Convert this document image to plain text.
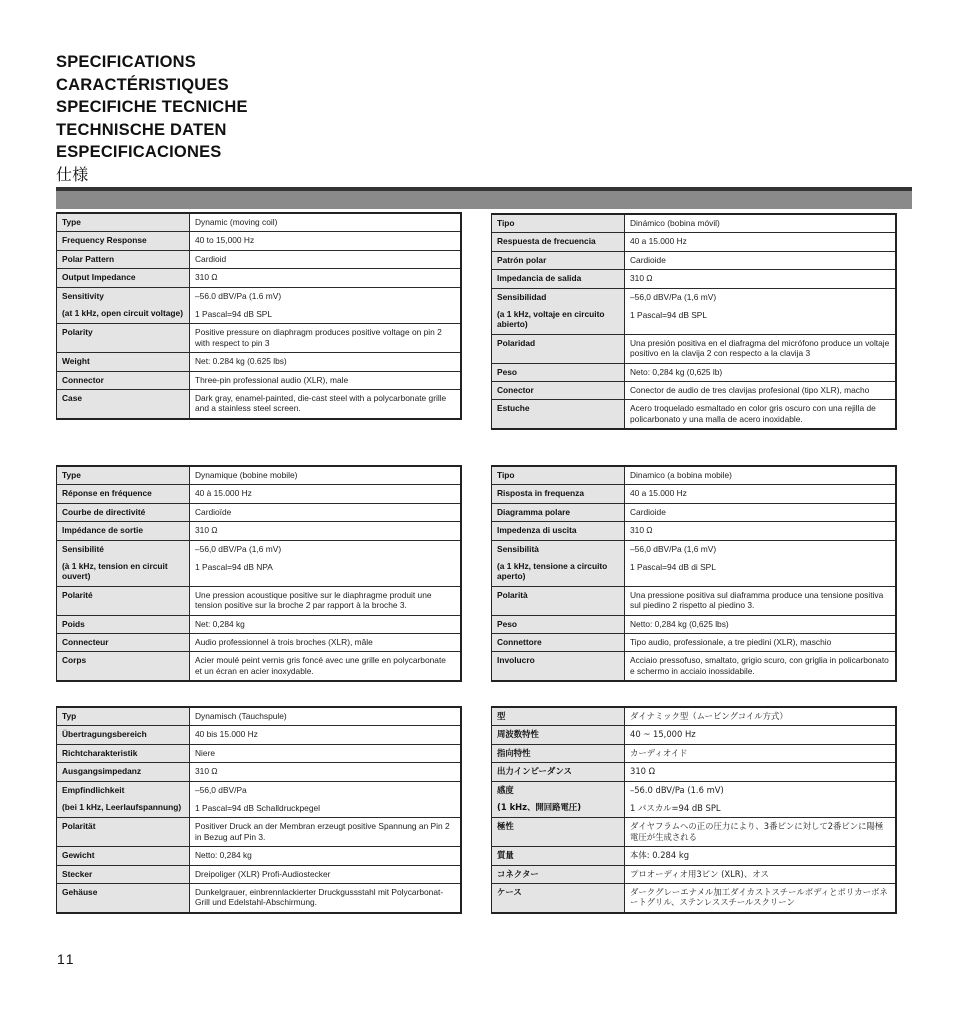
SPECIFICATIONS
CARACTÉRISTIQUES
SPECIFICHE TECNICHE
TECHNISCHE DATEN
ESPECIFICACIONES
仕様
Type	Dynamic (moving coil)
Frequency Response	40 to 15,000 Hz
Polar Pattern	Cardioid
Output Impedance	310 Ω
Sensitivity
(at 1 kHz, open circuit voltage)	–56.0 dBV/Pa (1.6 mV)
1 Pascal=94 dB SPL

Polarity	Positive pressure on diaphragm produces positive voltage on pin 2 with respect to pin 3
Weight	Net: 0.284 kg (0.625 lbs)
Connector	Three-pin professional audio (XLR), male
Case	Dark gray, enamel-painted, die-cast steel with a polycarbonate grille and a stainless steel screen.
Tipo	Dinámico (bobina móvil)
Respuesta de frecuencia	40 a 15.000 Hz
Patrón polar	Cardioide
Impedancia de salida	310 Ω
Sensibilidad
(a 1 kHz, voltaje en circuito abierto)	–56,0 dBV/Pa (1,6 mV)
1 Pascal=94 dB SPL

Polaridad	Una presión positiva en el diafragma del micrófono produce un voltaje positivo en la clavija 2 con respecto a la clavija 3
Peso	Neto: 0,284 kg (0,625 lb)
Conector	Conector de audio de tres clavijas profesional (tipo XLR), macho
Estuche	Acero troquelado esmaltado en color gris oscuro con una rejilla de policarbonato y una malla de acero inoxidable.
Type	Dynamique (bobine mobile)
Réponse en fréquence	40 à 15.000 Hz
Courbe de directivité	Cardioïde
Impédance de sortie	310 Ω
Sensibilité
(à 1 kHz, tension en circuit ouvert)	–56,0 dBV/Pa (1,6 mV)
1 Pascal=94 dB NPA

Polarité	Une pression acoustique positive sur le diaphragme produit une tension positive sur la broche 2 par rapport à la broche 3.
Poids	Net: 0,284 kg
Connecteur	Audio professionnel à trois broches (XLR), mâle
Corps	Acier moulé peint vernis gris foncé avec une grille en polycarbonate et un écran en acier inoxydable.
Tipo	Dinamico (a bobina mobile)
Risposta in frequenza	40 a 15.000 Hz
Diagramma polare	Cardioide
Impedenza di uscita	310 Ω
Sensibilità
(a 1 kHz, tensione a circuito aperto)	–56,0 dBV/Pa (1,6 mV)
1 Pascal=94 dB di SPL

Polarità	Una pressione positiva sul diaframma produce una tensione positiva sul piedino 2 rispetto al piedino 3.
Peso	Netto: 0,284 kg (0,625 lbs)
Connettore	Tipo audio, professionale, a tre piedini (XLR), maschio
Involucro	Acciaio pressofuso, smaltato, grigio scuro, con griglia in policarbonato e schermo in acciaio inossidabile.
Typ	Dynamisch (Tauchspule)
Übertragungsbereich	40 bis 15.000 Hz
Richtcharakteristik	Niere
Ausgangsimpedanz	310 Ω
Empfindlichkeit
(bei 1 kHz, Leerlaufspannung)	–56,0 dBV/Pa
1 Pascal=94 dB Schalldruckpegel

Polarität	Positiver Druck an der Membran erzeugt positive Spannung an Pin 2 in Bezug auf Pin 3.
Gewicht	Netto: 0,284 kg
Stecker	Dreipoliger (XLR) Profi-Audiostecker
Gehäuse	Dunkelgrauer, einbrennlackierter Druckgussstahl mit Polycarbonat-Grill und Edelstahl-Abschirmung.
型	ダイナミック型（ムービングコイル方式）
周波数特性	40 ~ 15,000 Hz
指向特性	カーディオイド
出力インピーダンス	310 Ω
感度
(1 kHz、開回路電圧)	–56.0 dBV/Pa (1.6 mV)
1 パスカル=94 dB SPL

極性	ダイヤフラムへの正の圧力により、3番ピンに対して2番ピンに陽極電圧が生成される
質量	本体: 0.284 kg
コネクター	プロオーディオ用3ピン (XLR)、オス
ケース	ダークグレーエナメル加工ダイカストスチールボディとポリカーボネートグリル、ステンレススチールスクリーン
11
